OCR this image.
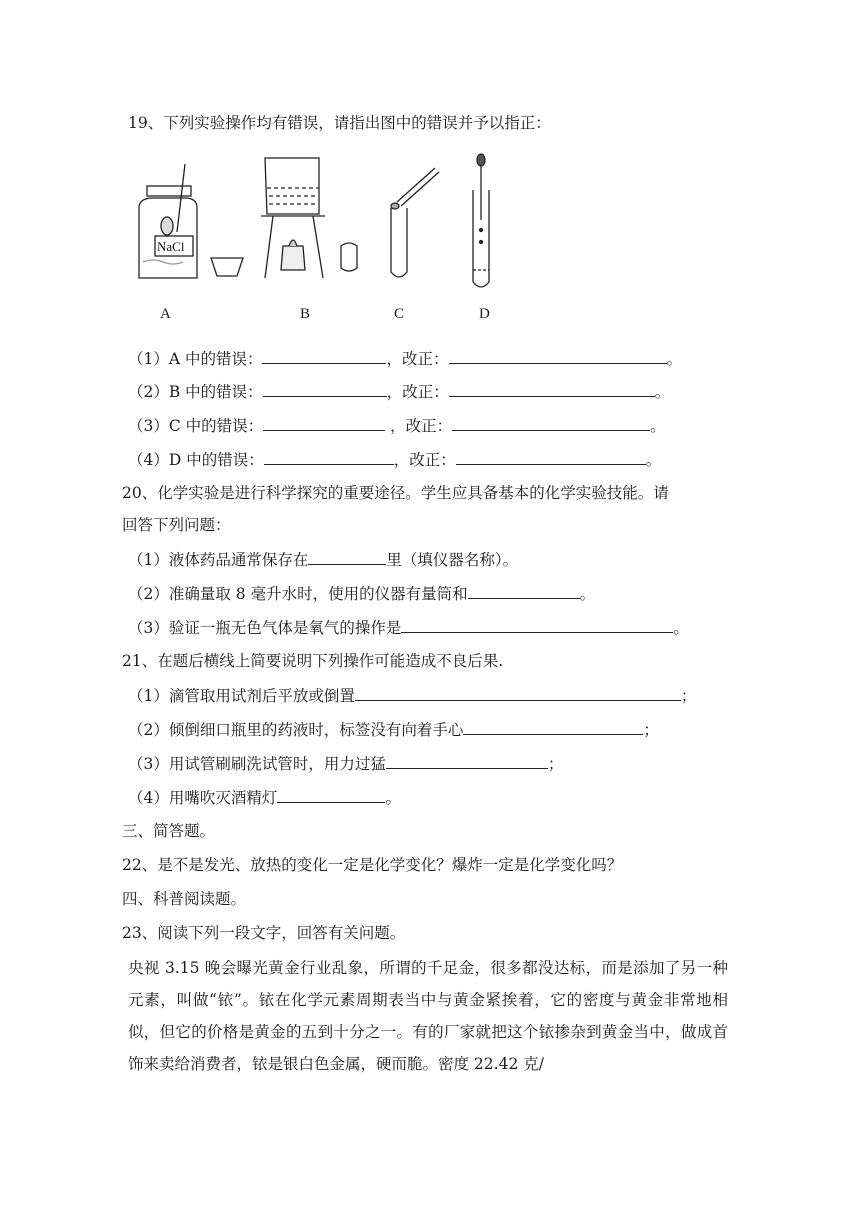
19、下列实验操作均有错误，请指出图中的错误并予以指正：
NaCl
A	B	C	D
（1）A 中的错误：	，改正：	。
（2）B 中的错误：	，改正：	。
（3）C 中的错误：	，改正：	。
（4）D 中的错误：	，改正：	。
20、化学实验是进行科学探究的重要途径。学生应具备基本的化学实验技能。请
回答下列问题：
（1）液体药品通常保存在	里（填仪器名称）。
（2）准确量取 8 毫升水时，使用的仪器有量筒和	。
（3）验证一瓶无色气体是氧气的操作是	。
21、在题后横线上简要说明下列操作可能造成不良后果.
（1）滴管取用试剂后平放或倒置	；
（2）倾倒细口瓶里的药液时，标签没有向着手心	；
（3）用试管刷刷洗试管时，用力过猛	；
（4）用嘴吹灭酒精灯	。
三、简答题。
22、是不是发光、放热的变化一定是化学变化？爆炸一定是化学变化吗？
四、科普阅读题。
23、阅读下列一段文字，回答有关问题。
央视 3.15 晚会曝光黄金行业乱象，所谓的千足金，很多都没达标，而是添加了另一种元素，叫做“铱”。铱在化学元素周期表当中与黄金紧挨着，它的密度与黄金非常地相似，但它的价格是黄金的五到十分之一。有的厂家就把这个铱掺杂到黄金当中，做成首饰来卖给消费者，铱是银白色金属，硬而脆。密度 22.42 克/
